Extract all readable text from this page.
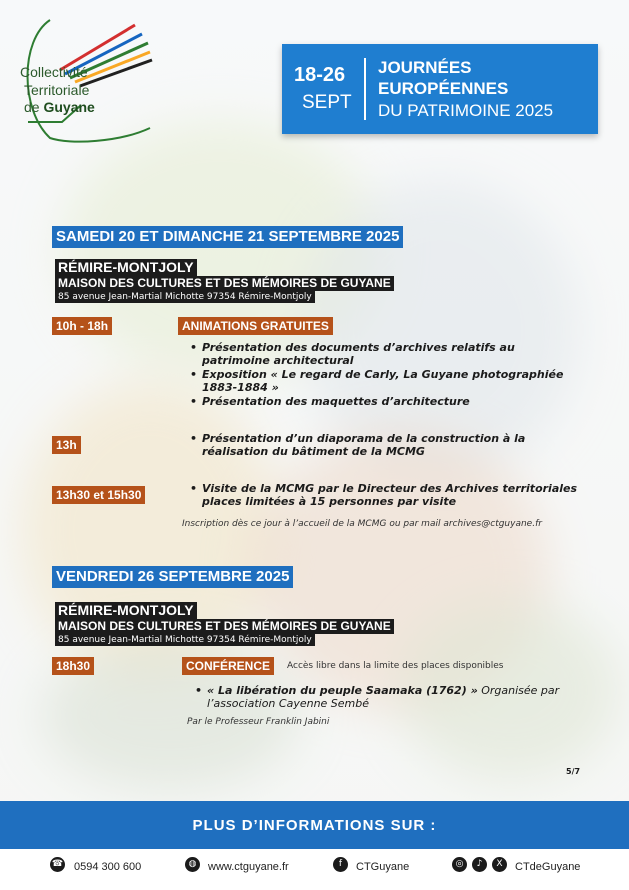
Collectivité
Territoriale
de Guyane
18-26
SEPT
JOURNÉES
EUROPÉENNES
DU PATRIMOINE 2025
SAMEDI 20 ET DIMANCHE 21 SEPTEMBRE 2025
RÉMIRE-MONTJOLY
MAISON DES CULTURES ET DES MÉMOIRES DE GUYANE
85 avenue Jean-Martial Michotte 97354 Rémire-Montjoly
10h - 18h	ANIMATIONS GRATUITES
• Présentation des documents d’archives relatifs au
patrimoine architectural
• Exposition « Le regard de Carly, La Guyane photographiée
1883-1884 »
• Présentation des maquettes d’architecture
13h	• Présentation d’un diaporama de la construction à la
réalisation du bâtiment de la MCMG
13h30 et 15h30	• Visite de la MCMG par le Directeur des Archives territoriales
places limitées à 15 personnes par visite
Inscription dès ce jour à l’accueil de la MCMG ou par mail archives@ctguyane.fr
VENDREDI 26 SEPTEMBRE 2025
RÉMIRE-MONTJOLY
MAISON DES CULTURES ET DES MÉMOIRES DE GUYANE
85 avenue Jean-Martial Michotte 97354 Rémire-Montjoly
18h30	CONFÉRENCE	Accès libre dans la limite des places disponibles
• « La libération du peuple Saamaka (1762) » Organisée par
l’association Cayenne Sembé
Par le Professeur Franklin Jabini
5/7
PLUS D’INFORMATIONS SUR :
☎ 0594 300 600	◍	www.ctguyane.fr	f	CTGuyane	◎	♪	X	CTdeGuyane
